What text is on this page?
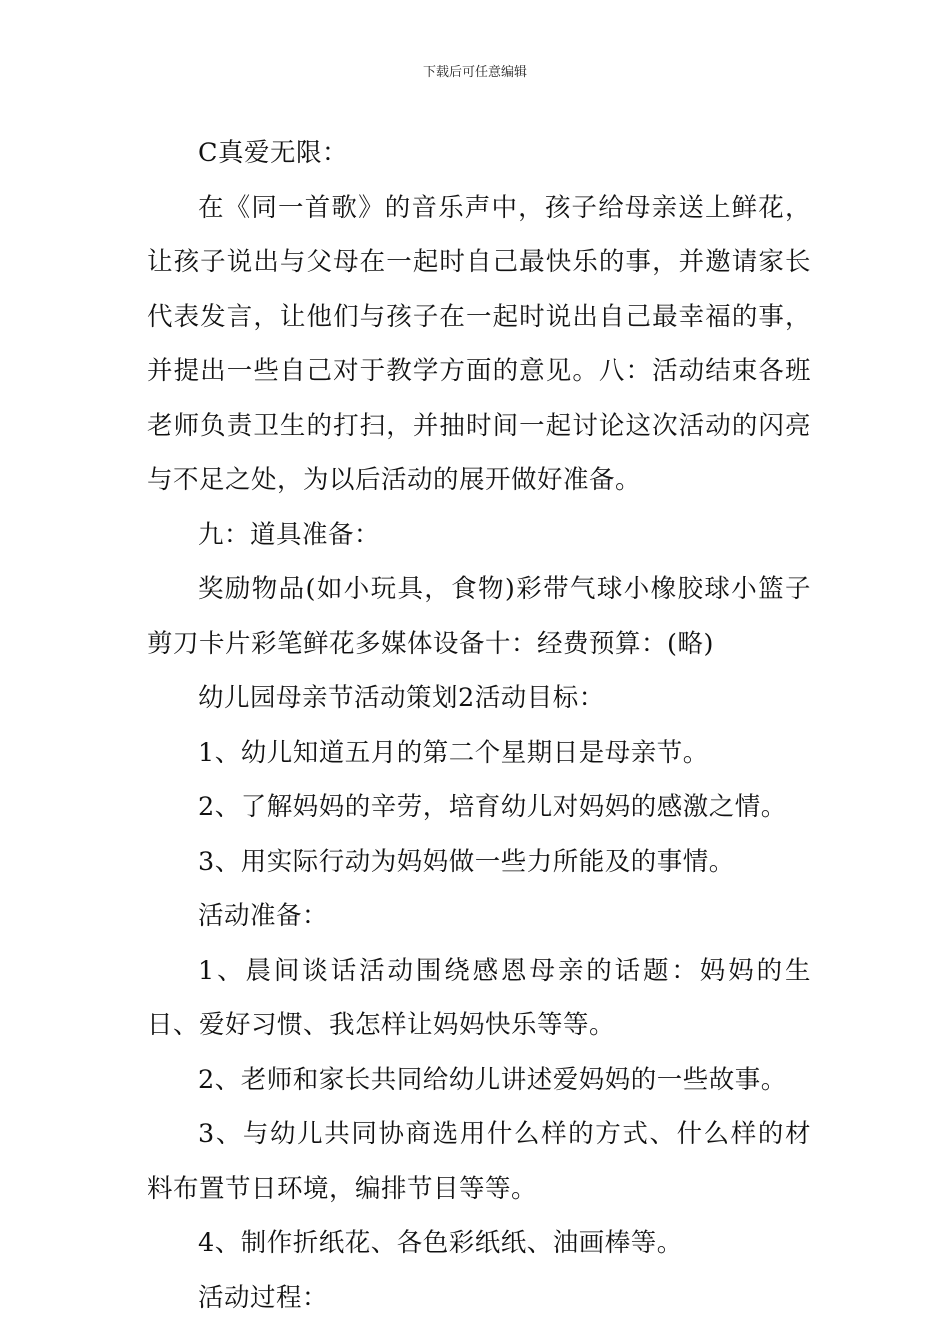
下载后可任意编辑

C真爱无限：

在《同一首歌》的音乐声中，孩子给母亲送上鲜花，让孩子说出与父母在一起时自己最快乐的事，并邀请家长代表发言，让他们与孩子在一起时说出自己最幸福的事，并提出一些自己对于教学方面的意见。八：活动结束各班老师负责卫生的打扫，并抽时间一起讨论这次活动的闪亮与不足之处，为以后活动的展开做好准备。

九：道具准备：

奖励物品(如小玩具，食物)彩带气球小橡胶球小篮子剪刀卡片彩笔鲜花多媒体设备十：经费预算：(略)

幼儿园母亲节活动策划2活动目标：

1、幼儿知道五月的第二个星期日是母亲节。

2、了解妈妈的辛劳，培育幼儿对妈妈的感激之情。

3、用实际行动为妈妈做一些力所能及的事情。

活动准备：

1、晨间谈话活动围绕感恩母亲的话题：妈妈的生日、爱好习惯、我怎样让妈妈快乐等等。

2、老师和家长共同给幼儿讲述爱妈妈的一些故事。

3、与幼儿共同协商选用什么样的方式、什么样的材料布置节日环境，编排节目等等。

4、制作折纸花、各色彩纸纸、油画棒等。

活动过程：
